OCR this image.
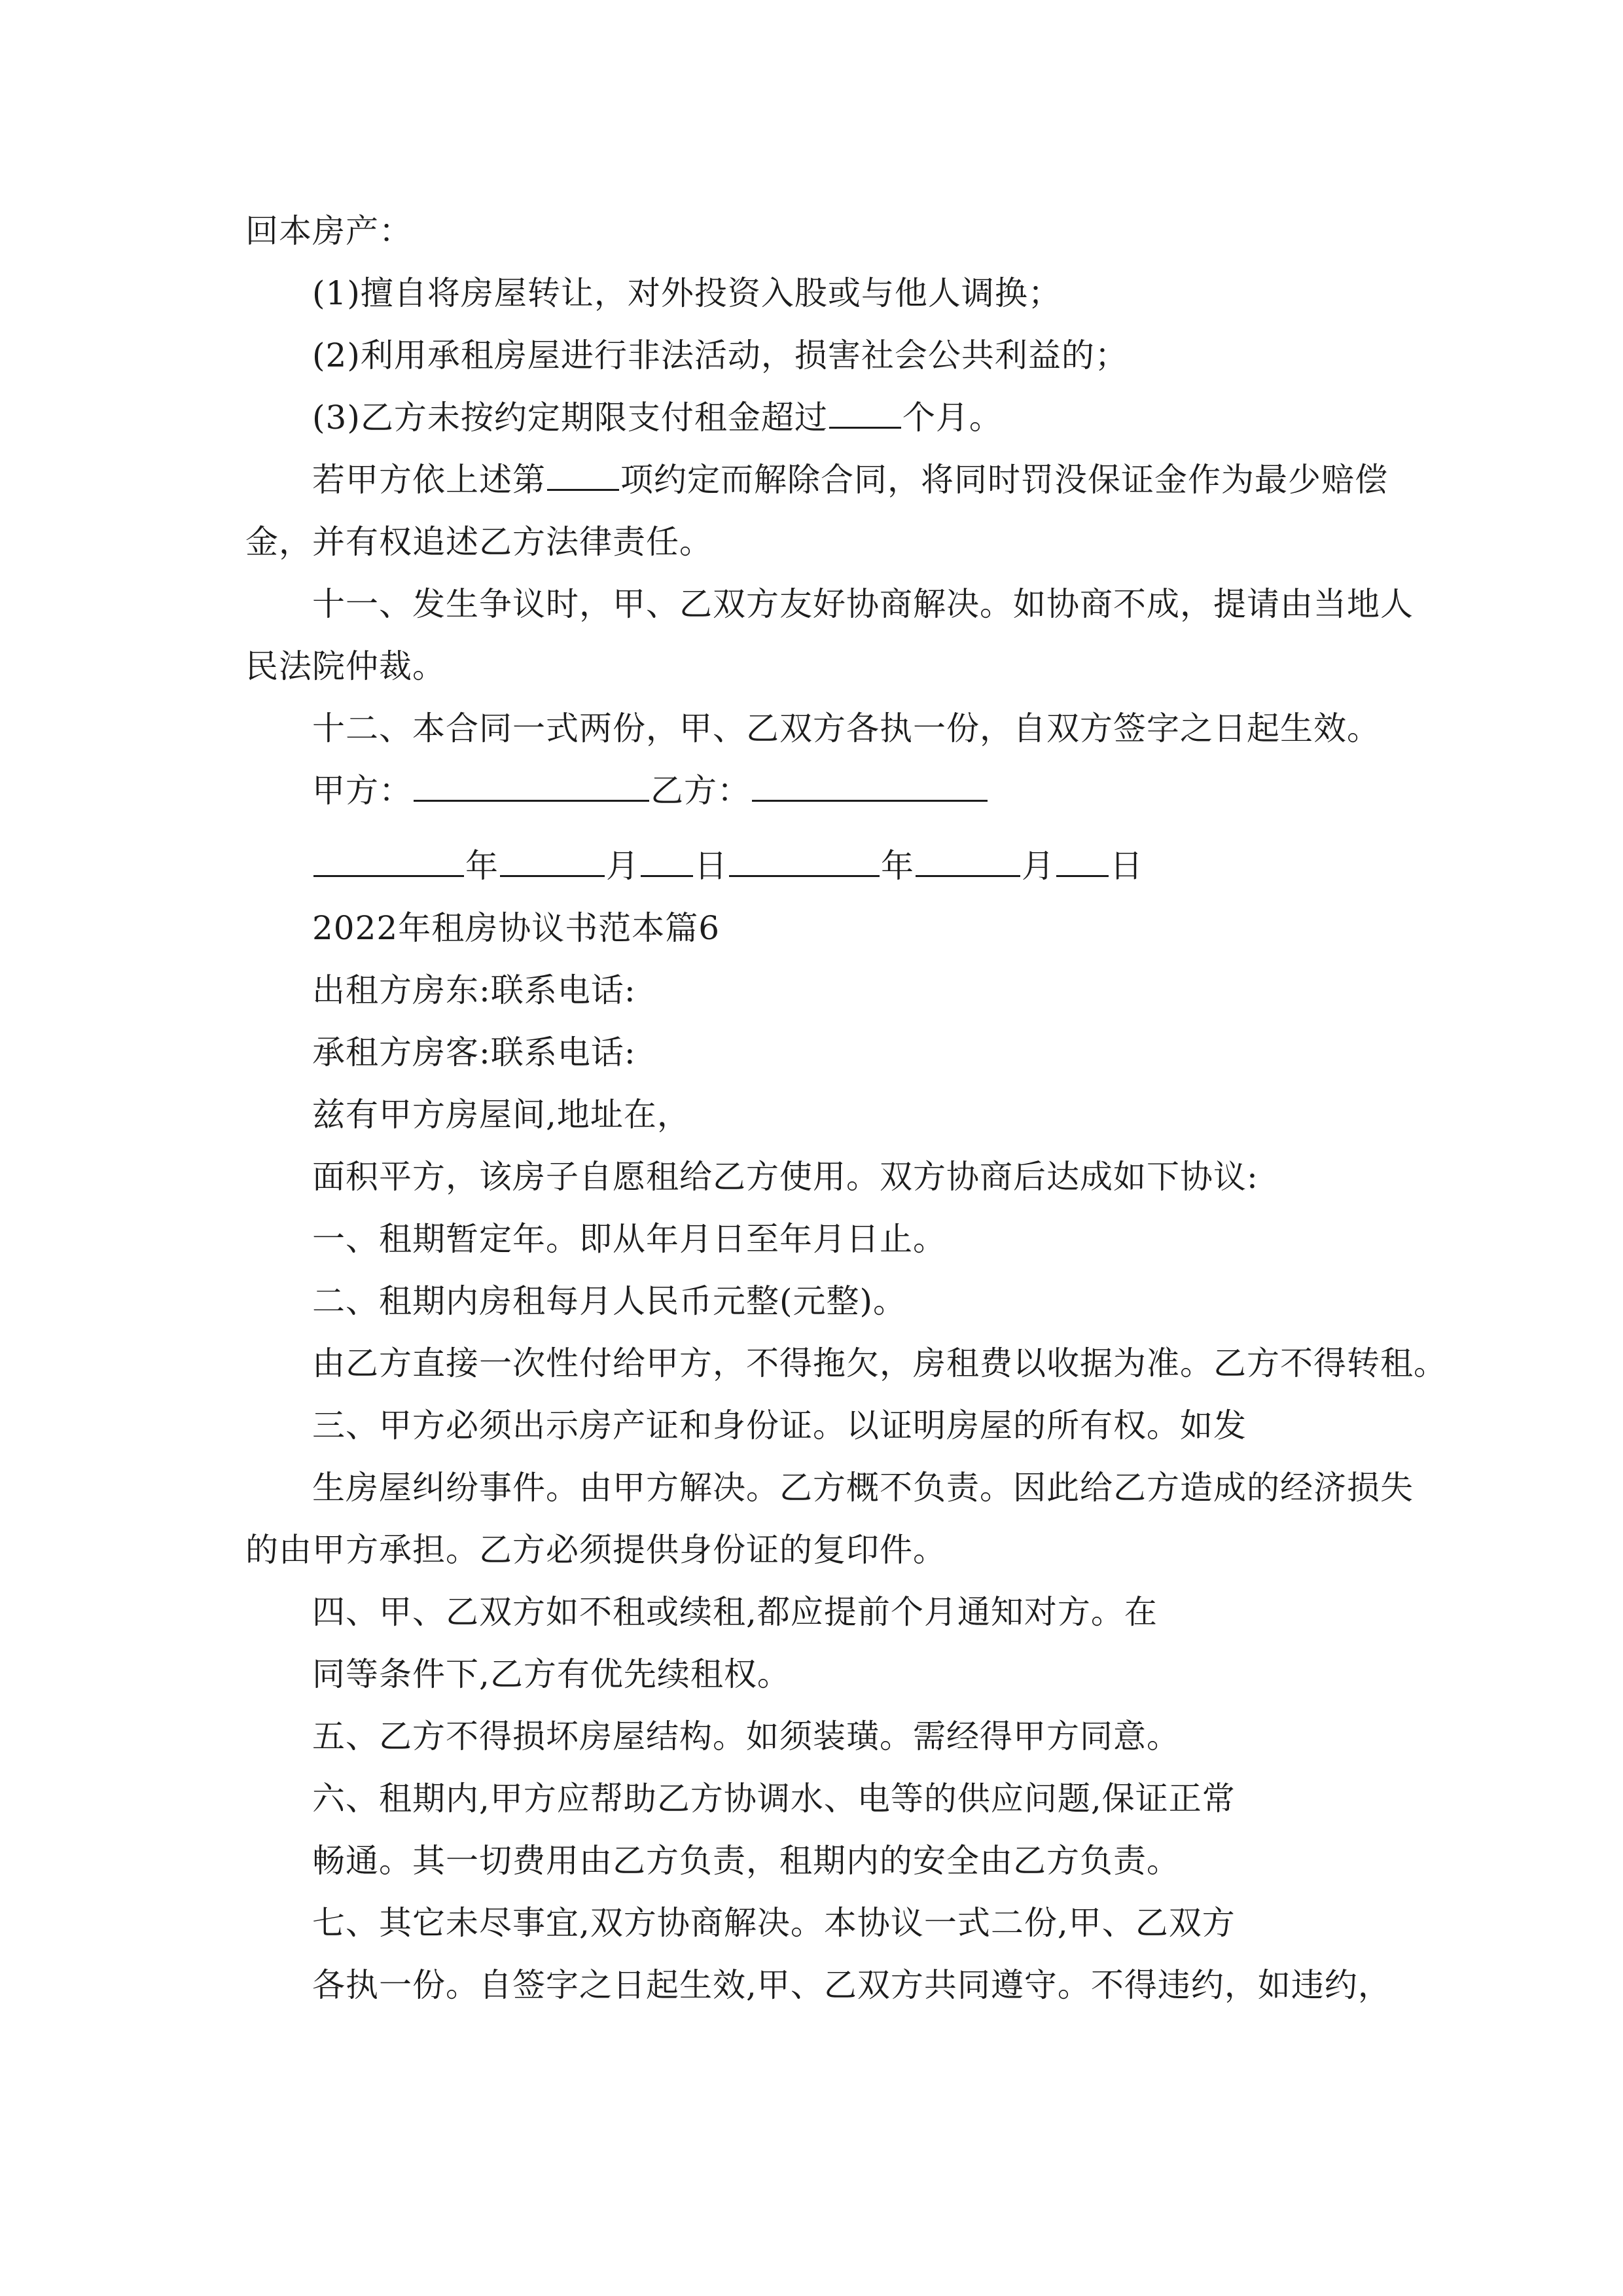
回本房产：
(1)擅自将房屋转让，对外投资入股或与他人调换；
(2)利用承租房屋进行非法活动，损害社会公共利益的；
(3)乙方未按约定期限支付租金超过 个月。
若甲方依上述第 项约定而解除合同，将同时罚没保证金作为最少赔偿
金，并有权追述乙方法律责任。
十一、发生争议时，甲、乙双方友好协商解决。如协商不成，提请由当地人
民法院仲裁。
十二、本合同一式两份，甲、乙双方各执一份，自双方签字之日起生效。
甲方：	乙方：
年	月 日	年	月 日
2022年租房协议书范本篇6
出租方房东:联系电话:
承租方房客:联系电话:
兹有甲方房屋间,地址在，
面积平方，该房子自愿租给乙方使用。双方协商后达成如下协议:
一、租期暂定年。即从年月日至年月日止。
二、租期内房租每月人民币元整(元整)。
由乙方直接一次性付给甲方，不得拖欠，房租费以收据为准。乙方不得转租。
三、甲方必须出示房产证和身份证。以证明房屋的所有权。如发
生房屋纠纷事件。由甲方解决。乙方概不负责。因此给乙方造成的经济损失
的由甲方承担。乙方必须提供身份证的复印件。
四、甲、乙双方如不租或续租,都应提前个月通知对方。在
同等条件下,乙方有优先续租权。
五、乙方不得损坏房屋结构。如须装璜。需经得甲方同意。
六、租期内,甲方应帮助乙方协调水、电等的供应问题,保证正常
畅通。其一切费用由乙方负责，租期内的安全由乙方负责。
七、其它未尽事宜,双方协商解决。本协议一式二份,甲、乙双方
各执一份。自签字之日起生效,甲、乙双方共同遵守。不得违约，如违约，
